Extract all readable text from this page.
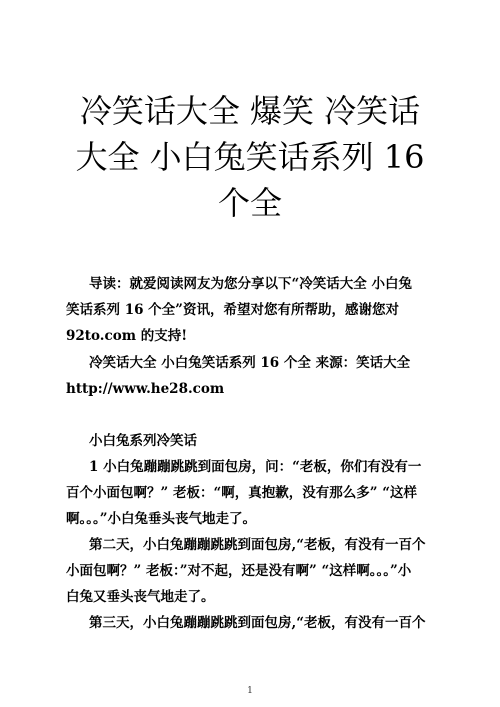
冷笑话大全 爆笑 冷笑话
大全 小白兔笑话系列 16
个全
导读：就爱阅读网友为您分享以下“冷笑话大全 小白兔
笑话系列 16 个全”资讯，希望对您有所帮助，感谢您对
92to.com 的支持!
冷笑话大全 小白兔笑话系列 16 个全 来源：笑话大全
http://www.he28.com
小白兔系列冷笑话
1 小白兔蹦蹦跳跳到面包房，问：“老板，你们有没有一
百个小面包啊？” 老板：“啊，真抱歉，没有那么多” “这样
啊。。。”小白兔垂头丧气地走了。
第二天，小白兔蹦蹦跳跳到面包房,“老板，有没有一百个
小面包啊？” 老板：”对不起，还是没有啊” “这样啊。。。”小
白兔又垂头丧气地走了。
第三天，小白兔蹦蹦跳跳到面包房,“老板，有没有一百个
1
